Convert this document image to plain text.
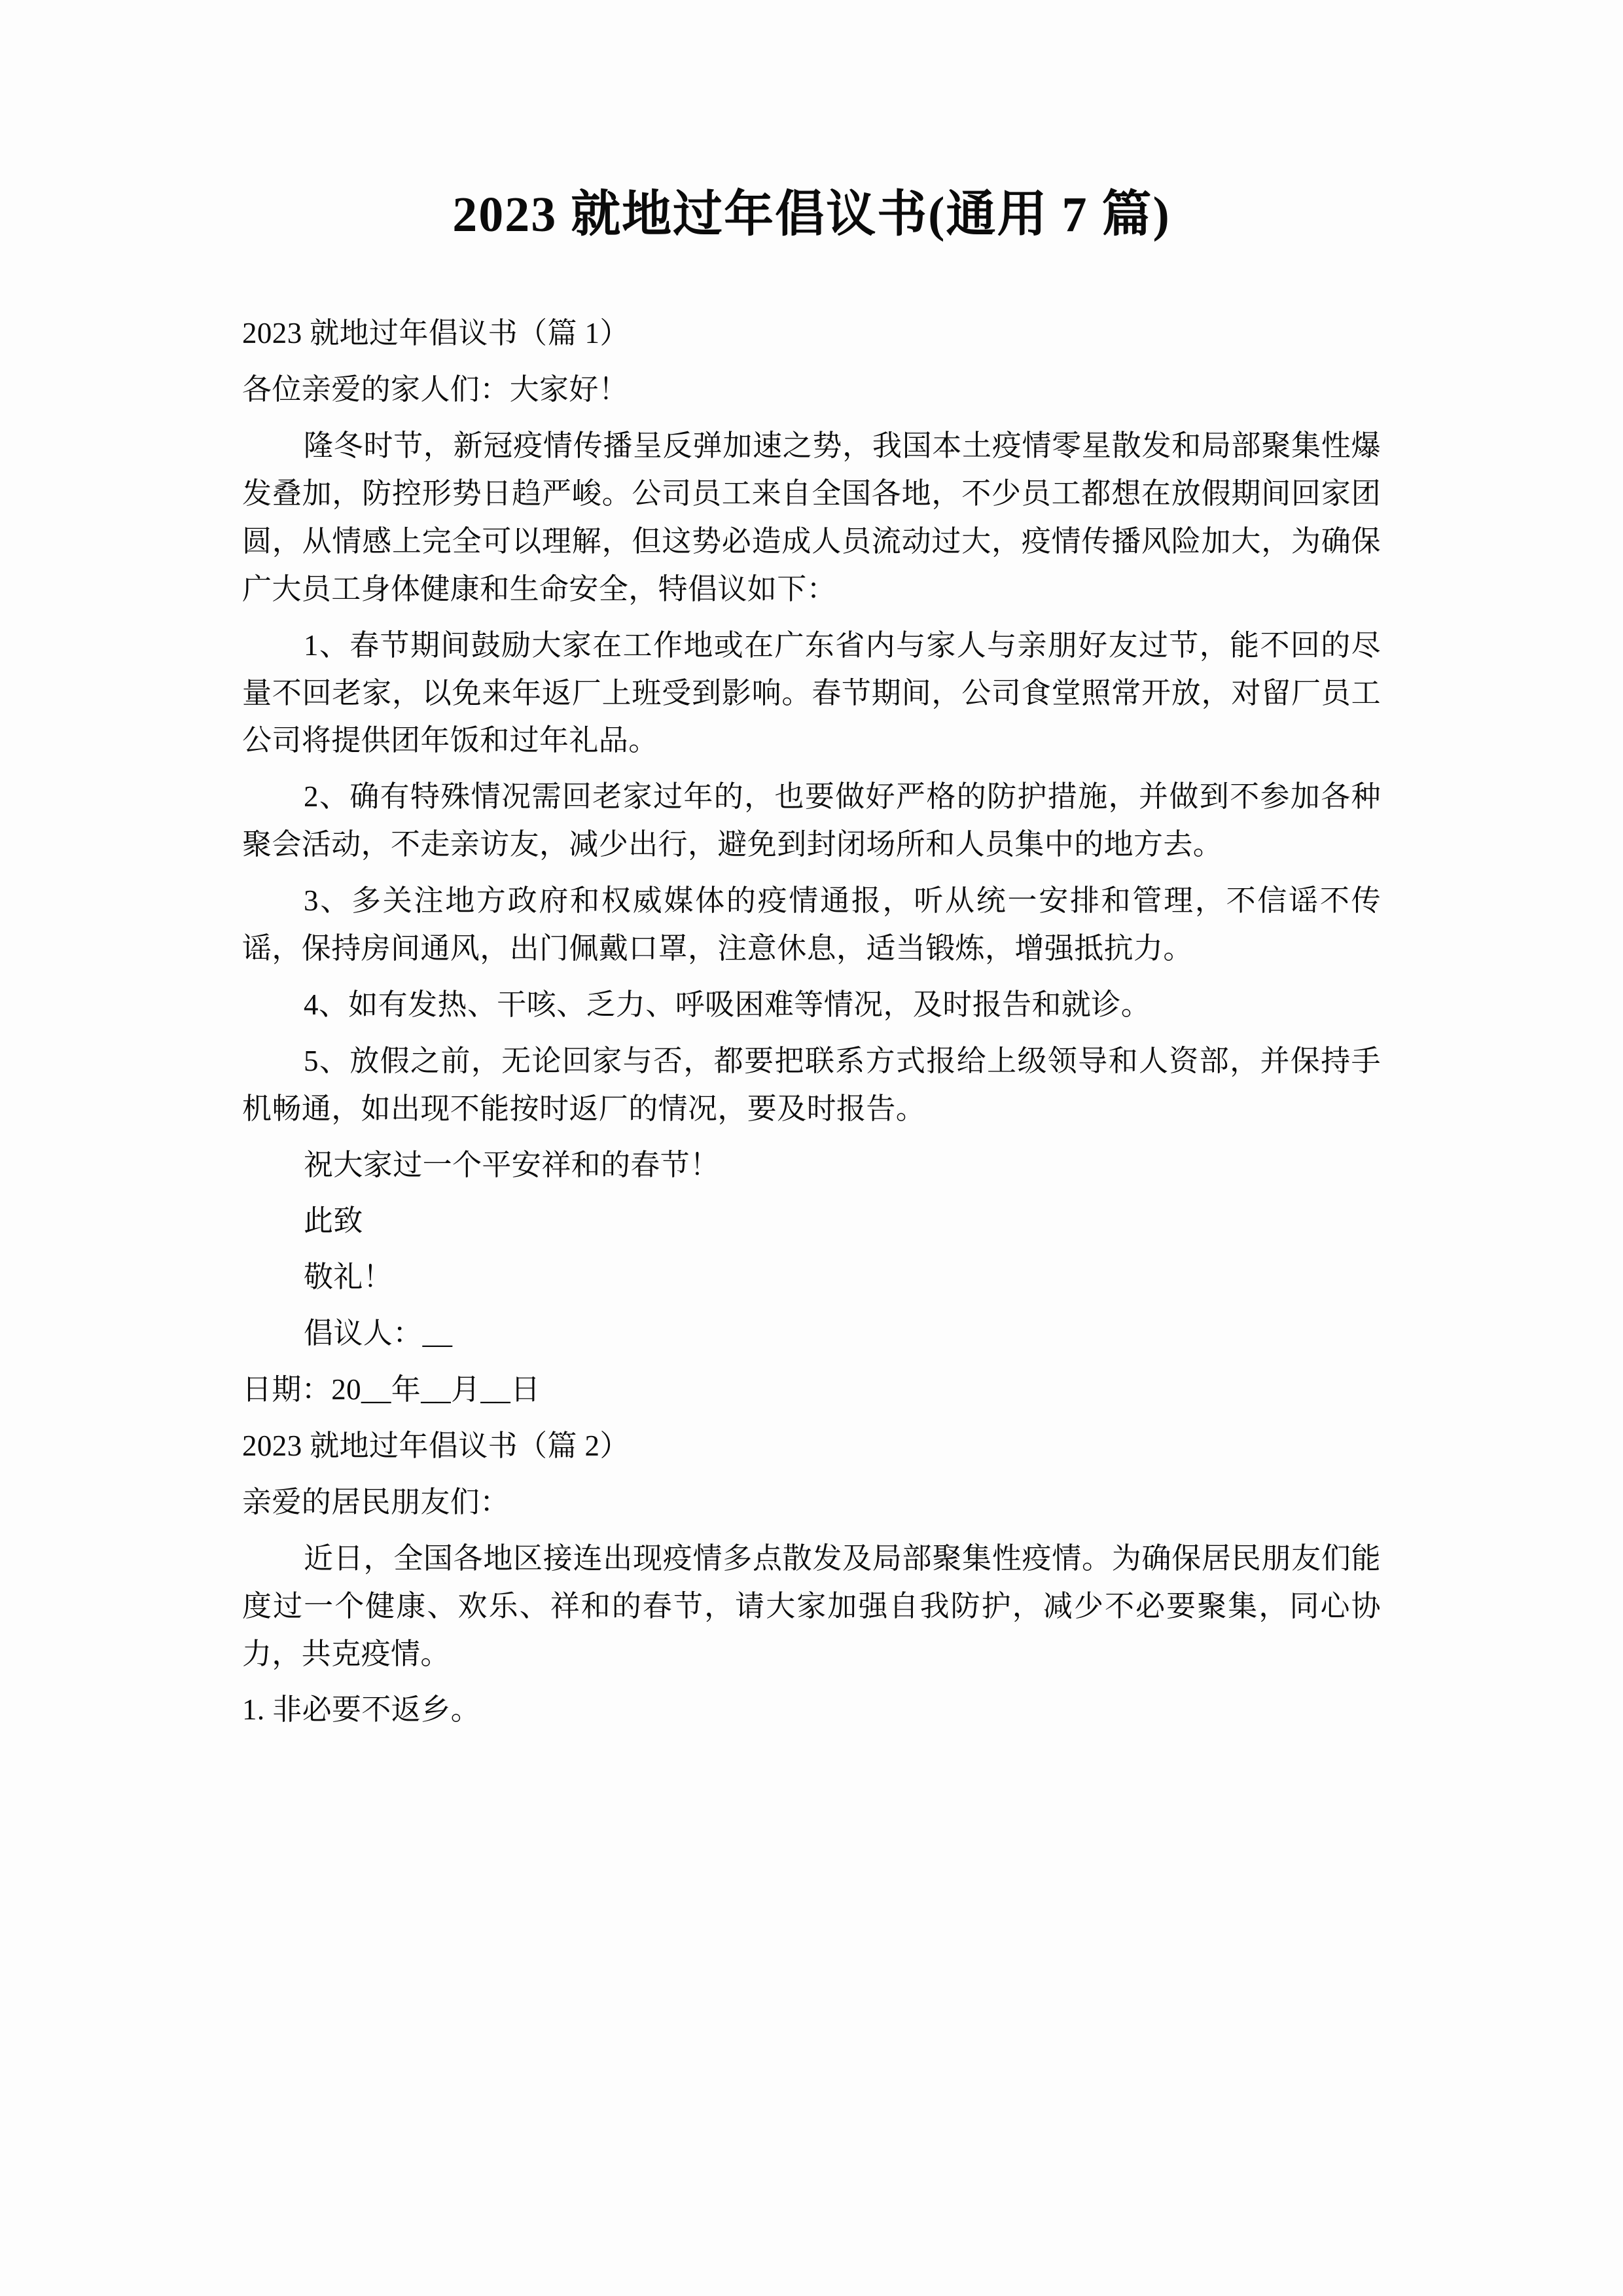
2023 就地过年倡议书(通用 7 篇)

2023 就地过年倡议书（篇 1）

各位亲爱的家人们：大家好！

隆冬时节，新冠疫情传播呈反弹加速之势，我国本土疫情零星散发和局部聚集性爆发叠加，防控形势日趋严峻。公司员工来自全国各地，不少员工都想在放假期间回家团圆，从情感上完全可以理解，但这势必造成人员流动过大，疫情传播风险加大，为确保广大员工身体健康和生命安全，特倡议如下：

1、春节期间鼓励大家在工作地或在广东省内与家人与亲朋好友过节，能不回的尽量不回老家，以免来年返厂上班受到影响。春节期间，公司食堂照常开放，对留厂员工公司将提供团年饭和过年礼品。

2、确有特殊情况需回老家过年的，也要做好严格的防护措施，并做到不参加各种聚会活动，不走亲访友，减少出行，避免到封闭场所和人员集中的地方去。

3、多关注地方政府和权威媒体的疫情通报，听从统一安排和管理，不信谣不传谣，保持房间通风，出门佩戴口罩，注意休息，适当锻炼，增强抵抗力。

4、如有发热、干咳、乏力、呼吸困难等情况，及时报告和就诊。

5、放假之前，无论回家与否，都要把联系方式报给上级领导和人资部，并保持手机畅通，如出现不能按时返厂的情况，要及时报告。

祝大家过一个平安祥和的春节！

此致

敬礼！

倡议人：__

日期：20__年__月__日

2023 就地过年倡议书（篇 2）

亲爱的居民朋友们：

近日，全国各地区接连出现疫情多点散发及局部聚集性疫情。为确保居民朋友们能度过一个健康、欢乐、祥和的春节，请大家加强自我防护，减少不必要聚集，同心协力，共克疫情。

1. 非必要不返乡。
